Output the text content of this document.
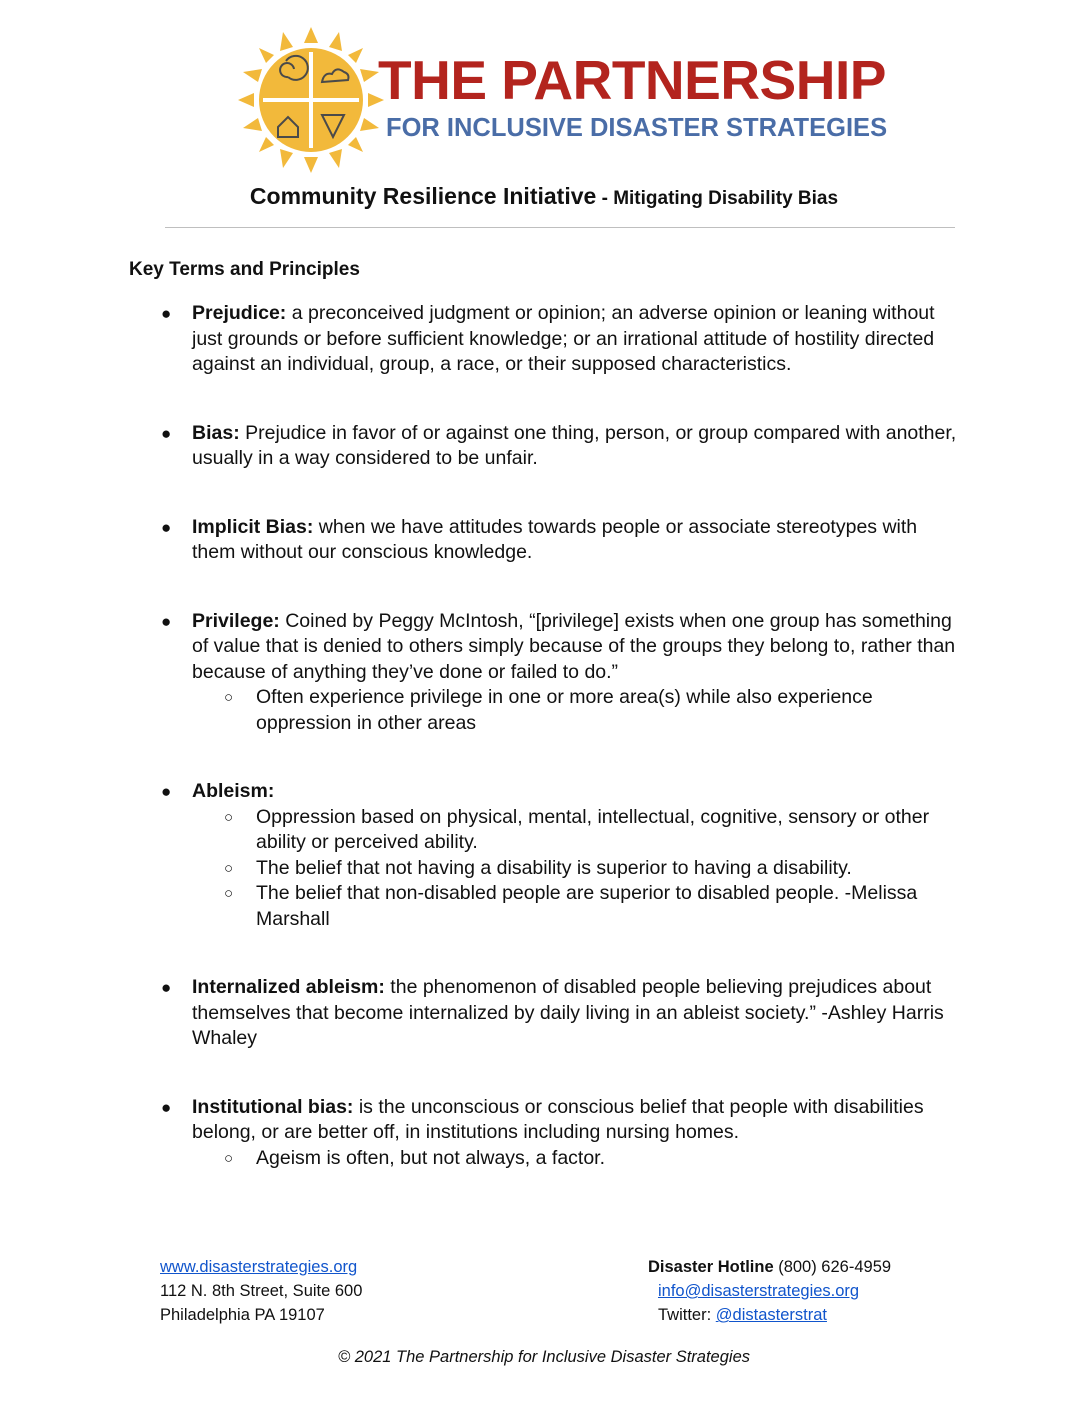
THE PARTNERSHIP
FOR INCLUSIVE DISASTER STRATEGIES
Community Resilience Initiative - Mitigating Disability Bias
Key Terms and Principles
● Prejudice: a preconceived judgment or opinion; an adverse opinion or leaning without just grounds or before sufficient knowledge; or an irrational attitude of hostility directed against an individual, group, a race, or their supposed characteristics.
● Bias: Prejudice in favor of or against one thing, person, or group compared with another, usually in a way considered to be unfair.
● Implicit Bias: when we have attitudes towards people or associate stereotypes with them without our conscious knowledge.
● Privilege: Coined by Peggy McIntosh, “[privilege] exists when one group has something of value that is denied to others simply because of the groups they belong to, rather than because of anything they’ve done or failed to do.”
○ Often experience privilege in one or more area(s) while also experience oppression in other areas
● Ableism:
○ Oppression based on physical, mental, intellectual, cognitive, sensory or other ability or perceived ability.
○ The belief that not having a disability is superior to having a disability.
○ The belief that non-disabled people are superior to disabled people. -Melissa Marshall
● Internalized ableism: the phenomenon of disabled people believing prejudices about themselves that become internalized by daily living in an ableist society.” -Ashley Harris Whaley
● Institutional bias: is the unconscious or conscious belief that people with disabilities belong, or are better off, in institutions including nursing homes.
○ Ageism is often, but not always, a factor.
www.disasterstrategies.org
112 N. 8th Street, Suite 600
Philadelphia PA 19107
Disaster Hotline (800) 626-4959
info@disasterstrategies.org
Twitter: @distasterstrat
© 2021 The Partnership for Inclusive Disaster Strategies
